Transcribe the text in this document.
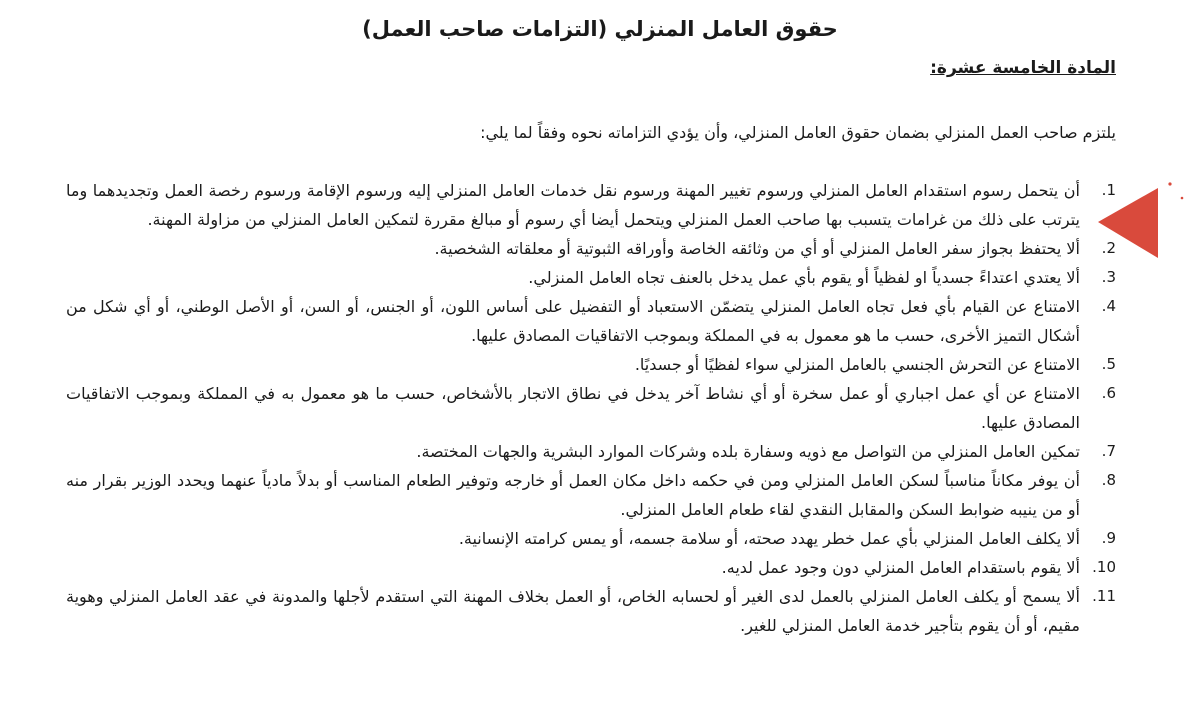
حقوق العامل المنزلي (التزامات صاحب العمل)
المادة الخامسة عشرة:
يلتزم صاحب العمل المنزلي بضمان حقوق العامل المنزلي، وأن يؤدي التزاماته نحوه وفقاً لما يلي:
1.
أن يتحمل رسوم استقدام العامل المنزلي ورسوم تغيير المهنة ورسوم نقل خدمات العامل المنزلي إليه ورسوم الإقامة ورسوم رخصة العمل وتجديدهما وما يترتب على ذلك من غرامات يتسبب بها صاحب العمل المنزلي ويتحمل أيضا أي رسوم أو مبالغ مقررة لتمكين العامل المنزلي من مزاولة المهنة.
2.
ألا يحتفظ بجواز سفر العامل المنزلي أو أي من وثائقه الخاصة وأوراقه الثبوتية أو معلقاته الشخصية.
3.
ألا يعتدي اعتداءً جسدياً او لفظياً أو يقوم بأي عمل يدخل بالعنف تجاه العامل المنزلي.
4.
الامتناع عن القيام بأي فعل تجاه العامل المنزلي يتضمّن الاستعباد أو التفضيل على أساس اللون، أو الجنس، أو السن، أو الأصل الوطني، أو أي شكل من أشكال التميز الأخرى، حسب ما هو معمول به في المملكة وبموجب الاتفاقيات المصادق عليها.
5.
الامتناع عن التحرش الجنسي بالعامل المنزلي سواء لفظيًا أو جسديًا.
6.
الامتناع عن أي عمل اجباري أو عمل سخرة أو أي نشاط آخر يدخل في نطاق الاتجار بالأشخاص، حسب ما هو معمول به في المملكة وبموجب الاتفاقيات المصادق عليها.
7.
تمكين العامل المنزلي من التواصل مع ذويه وسفارة بلده وشركات الموارد البشرية والجهات المختصة.
8.
أن يوفر مكاناً مناسباً لسكن العامل المنزلي ومن في حكمه داخل مكان العمل أو خارجه وتوفير الطعام المناسب أو بدلاً مادياً عنهما ويحدد الوزير بقرار منه أو من ينيبه ضوابط السكن والمقابل النقدي لقاء طعام العامل المنزلي.
9.
ألا يكلف العامل المنزلي بأي عمل خطر يهدد صحته، أو سلامة جسمه، أو يمس كرامته الإنسانية.
10.
ألا يقوم باستقدام العامل المنزلي دون وجود عمل لديه.
11.
ألا يسمح أو يكلف العامل المنزلي بالعمل لدى الغير أو لحسابه الخاص، أو العمل بخلاف المهنة التي استقدم لأجلها والمدونة في عقد العامل المنزلي وهوية مقيم، أو أن يقوم بتأجير خدمة العامل المنزلي للغير.
